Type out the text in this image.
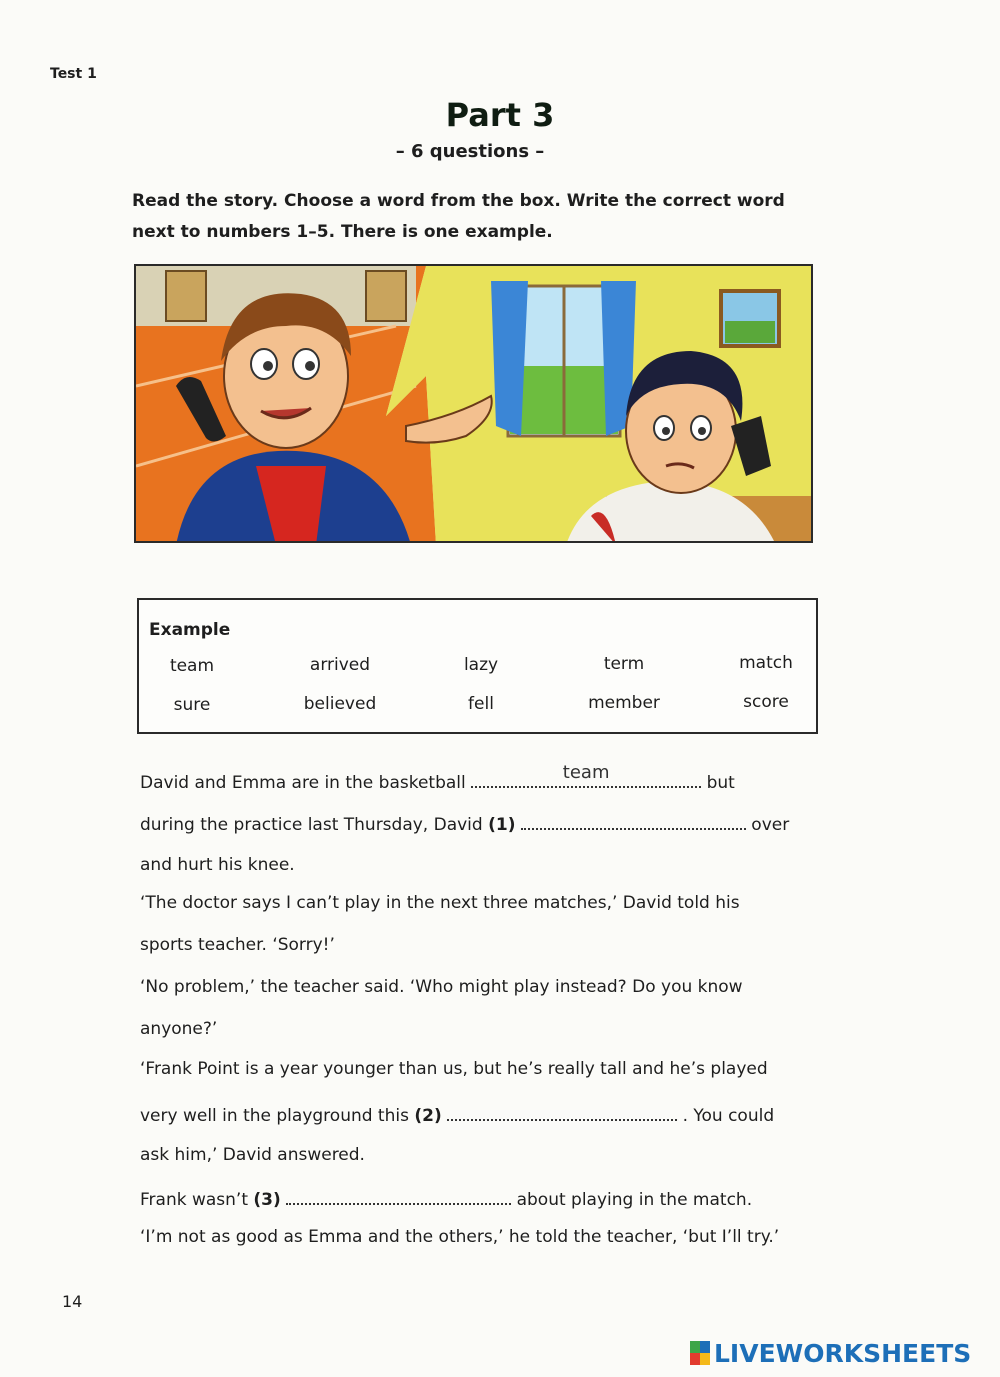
Test 1
Part 3
– 6 questions –
Read the story. Choose a word from the box. Write the correct word next to numbers 1–5. There is one example.
Example
team	arrived	lazy	term	match
sure	believed	fell	member	score
David and Emma are in the basketball	team	but
during the practice last Thursday, David (1)	over
and hurt his knee.
‘The doctor says I can’t play in the next three matches,’ David told his
sports teacher. ‘Sorry!’
‘No problem,’ the teacher said. ‘Who might play instead? Do you know
anyone?’
‘Frank Point is a year younger than us, but he’s really tall and he’s played
very well in the playground this (2)	. You could
ask him,’ David answered.
Frank wasn’t (3)	about playing in the match.
‘I’m not as good as Emma and the others,’ he told the teacher, ‘but I’ll try.’
14
LIVEWORKSHEETS
